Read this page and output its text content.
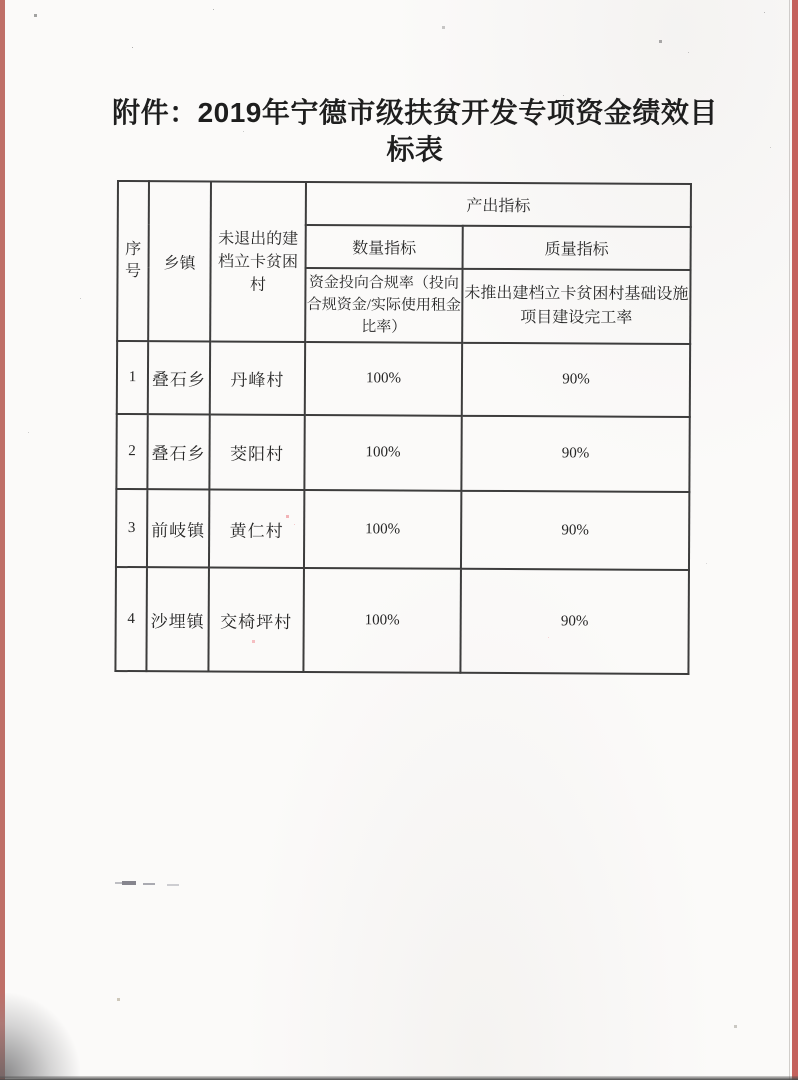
附件：2019年宁德市级扶贫开发专项资金绩效目
标表
序号	乡镇	未退出的建档立卡贫困村	产出指标	
			数量指标	质量指标
			资金投向合规率（投向合规资金/实际使用租金比率）	未推出建档立卡贫困村基础设施项目建设完工率
1	叠石乡	丹峰村	100%	90%
2	叠石乡	茭阳村	100%	90%
3	前岐镇	黄仁村	100%	90%
4	沙埋镇	交椅坪村	100%	90%
